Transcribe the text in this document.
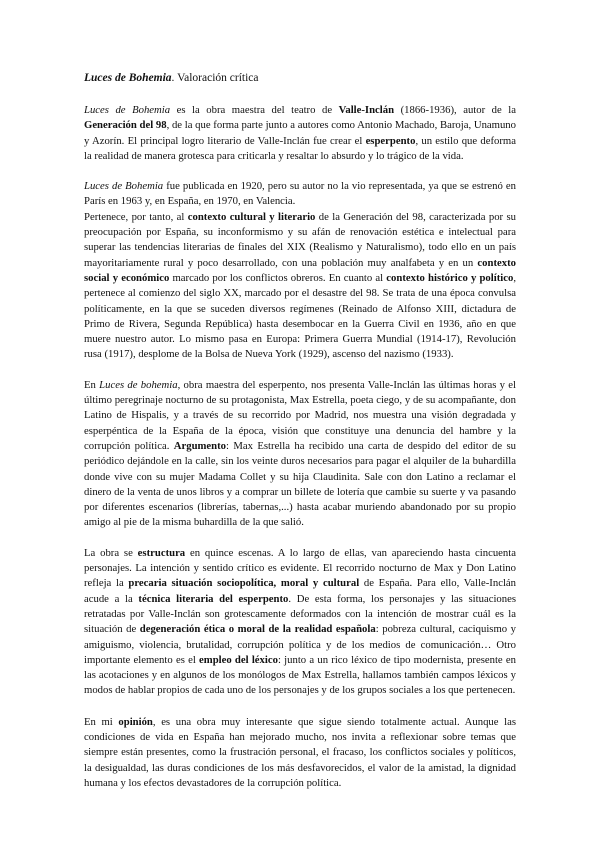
Luces de Bohemia. Valoración crítica

Luces de Bohemia es la obra maestra del teatro de Valle-Inclán (1866-1936), autor de la Generación del 98, de la que forma parte junto a autores como Antonio Machado, Baroja, Unamuno y Azorín. El principal logro literario de Valle-Inclán fue crear el esperpento, un estilo que deforma la realidad de manera grotesca para criticarla y resaltar lo absurdo y lo trágico de la vida.

Luces de Bohemia fue publicada en 1920, pero su autor no la vio representada, ya que se estrenó en París en 1963 y, en España, en 1970, en Valencia.

Pertenece, por tanto, al contexto cultural y literario de la Generación del 98, caracterizada por su preocupación por España, su inconformismo y su afán de renovación estética e intelectual para superar las tendencias literarias de finales del XIX (Realismo y Naturalismo), todo ello en un país mayoritariamente rural y poco desarrollado, con una población muy analfabeta y en un contexto social y económico marcado por los conflictos obreros. En cuanto al contexto histórico y político, pertenece al comienzo del siglo XX, marcado por el desastre del 98. Se trata de una época convulsa políticamente, en la que se suceden diversos regímenes (Reinado de Alfonso XIII, dictadura de Primo de Rivera, Segunda República) hasta desembocar en la Guerra Civil en 1936, año en que muere nuestro autor. Lo mismo pasa en Europa: Primera Guerra Mundial (1914-17), Revolución rusa (1917), desplome de la Bolsa de Nueva York (1929), ascenso del nazismo (1933).

En Luces de bohemia, obra maestra del esperpento, nos presenta Valle-Inclán las últimas horas y el último peregrinaje nocturno de su protagonista, Max Estrella, poeta ciego, y de su acompañante, don Latino de Hispalis, y a través de su recorrido por Madrid, nos muestra una visión degradada y esperpéntica de la España de la época, visión que constituye una denuncia del hambre y la corrupción política. Argumento: Max Estrella ha recibido una carta de despido del editor de su periódico dejándole en la calle, sin los veinte duros necesarios para pagar el alquiler de la buhardilla donde vive con su mujer Madama Collet y su hija Claudinita. Sale con don Latino a reclamar el dinero de la venta de unos libros y a comprar un billete de lotería que cambie su suerte y va pasando por diferentes escenarios (librerías, tabernas,...) hasta acabar muriendo abandonado por su propio amigo al pie de la misma buhardilla de la que salió.

La obra se estructura en quince escenas. A lo largo de ellas, van apareciendo hasta cincuenta personajes. La intención y sentido crítico es evidente. El recorrido nocturno de Max y Don Latino refleja la precaria situación sociopolítica, moral y cultural de España. Para ello, Valle-Inclán acude a la técnica literaria del esperpento. De esta forma, los personajes y las situaciones retratadas por Valle-Inclán son grotescamente deformados con la intención de mostrar cuál es la situación de degeneración ética o moral de la realidad española: pobreza cultural, caciquismo y amiguismo, violencia, brutalidad, corrupción política y de los medios de comunicación… Otro importante elemento es el empleo del léxico: junto a un rico léxico de tipo modernista, presente en las acotaciones y en algunos de los monólogos de Max Estrella, hallamos también campos léxicos y modos de hablar propios de cada uno de los personajes y de los grupos sociales a los que pertenecen.

En mi opinión, es una obra muy interesante que sigue siendo totalmente actual. Aunque las condiciones de vida en España han mejorado mucho, nos invita a reflexionar sobre temas que siempre están presentes, como la frustración personal, el fracaso, los conflictos sociales y políticos, la desigualdad, las duras condiciones de los más desfavorecidos, el valor de la amistad, la dignidad humana y los efectos devastadores de la corrupción política.
